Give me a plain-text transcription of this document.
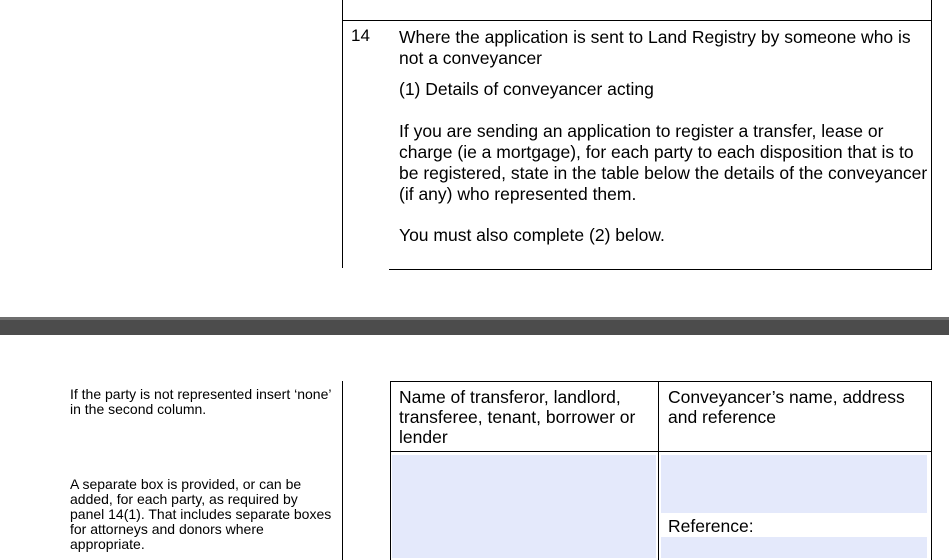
14 Where the application is sent to Land Registry by someone who is not a conveyancer
(1) Details of conveyancer acting
If you are sending an application to register a transfer, lease or charge (ie a mortgage), for each party to each disposition that is to be registered, state in the table below the details of the conveyancer (if any) who represented them.
You must also complete (2) below.
If the party is not represented insert ‘none’ in the second column.
A separate box is provided, or can be added, for each party, as required by panel 14(1). That includes separate boxes for attorneys and donors where appropriate.
Name of transferor, landlord, transferee, tenant, borrower or lender
Conveyancer’s name, address and reference
Reference:
